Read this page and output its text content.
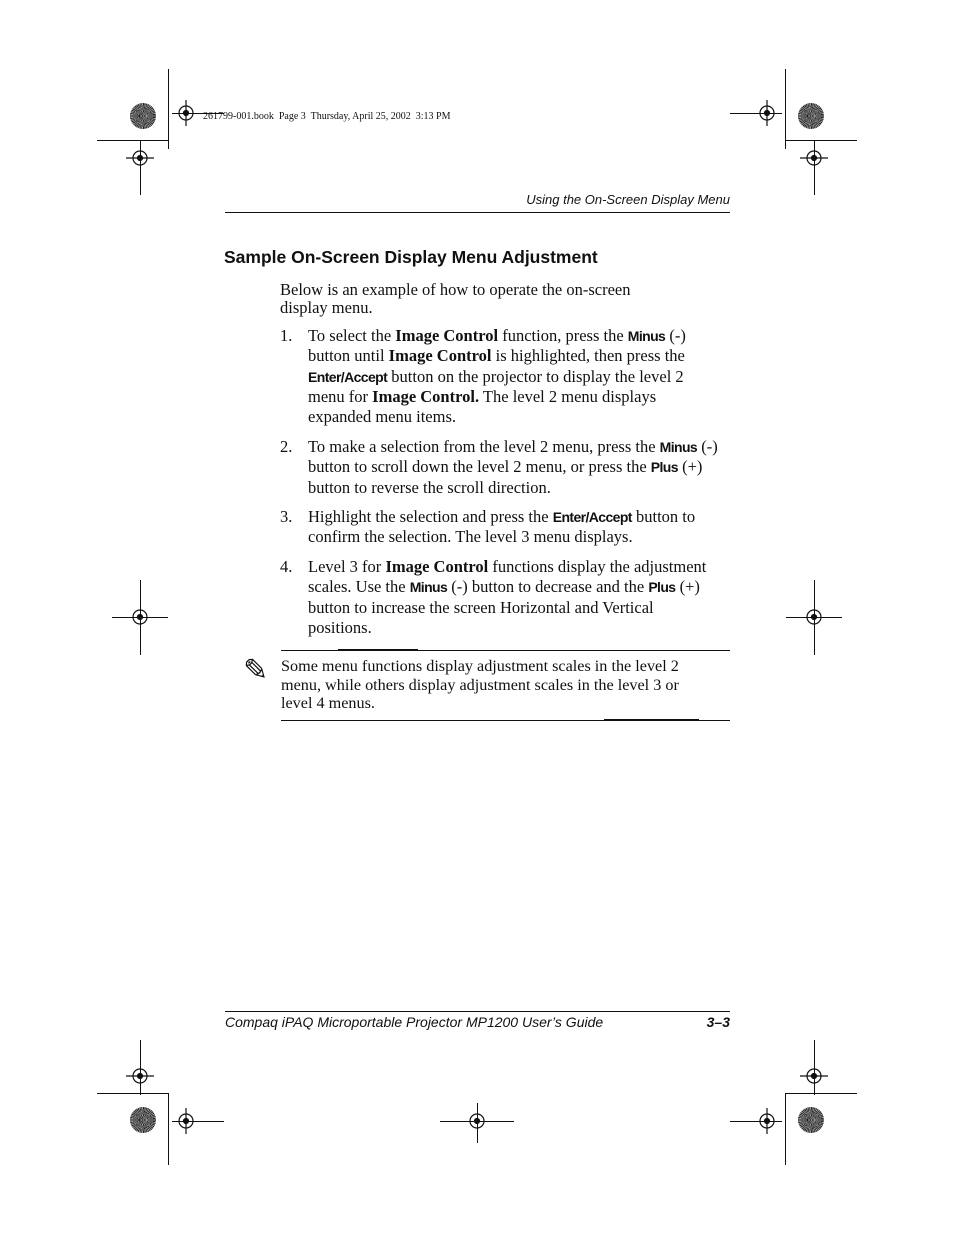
261799-001.book  Page 3  Thursday, April 25, 2002  3:13 PM
Using the On-Screen Display Menu
Sample On-Screen Display Menu Adjustment
Below is an example of how to operate the on-screen
display menu.
1. To select the Image Control function, press the Minus (-)
button until Image Control is highlighted, then press the
Enter/Accept button on the projector to display the level 2
menu for Image Control. The level 2 menu displays
expanded menu items.
2. To make a selection from the level 2 menu, press the Minus (-)
button to scroll down the level 2 menu, or press the Plus (+)
button to reverse the scroll direction.
3. Highlight the selection and press the Enter/Accept button to
confirm the selection. The level 3 menu displays.
4. Level 3 for Image Control functions display the adjustment
scales. Use the Minus (-) button to decrease and the Plus (+)
button to increase the screen Horizontal and Vertical
positions.
✎ Some menu functions display adjustment scales in the level 2
menu, while others display adjustment scales in the level 3 or
level 4 menus.
Compaq iPAQ Microportable Projector MP1200 User’s Guide	3–3
